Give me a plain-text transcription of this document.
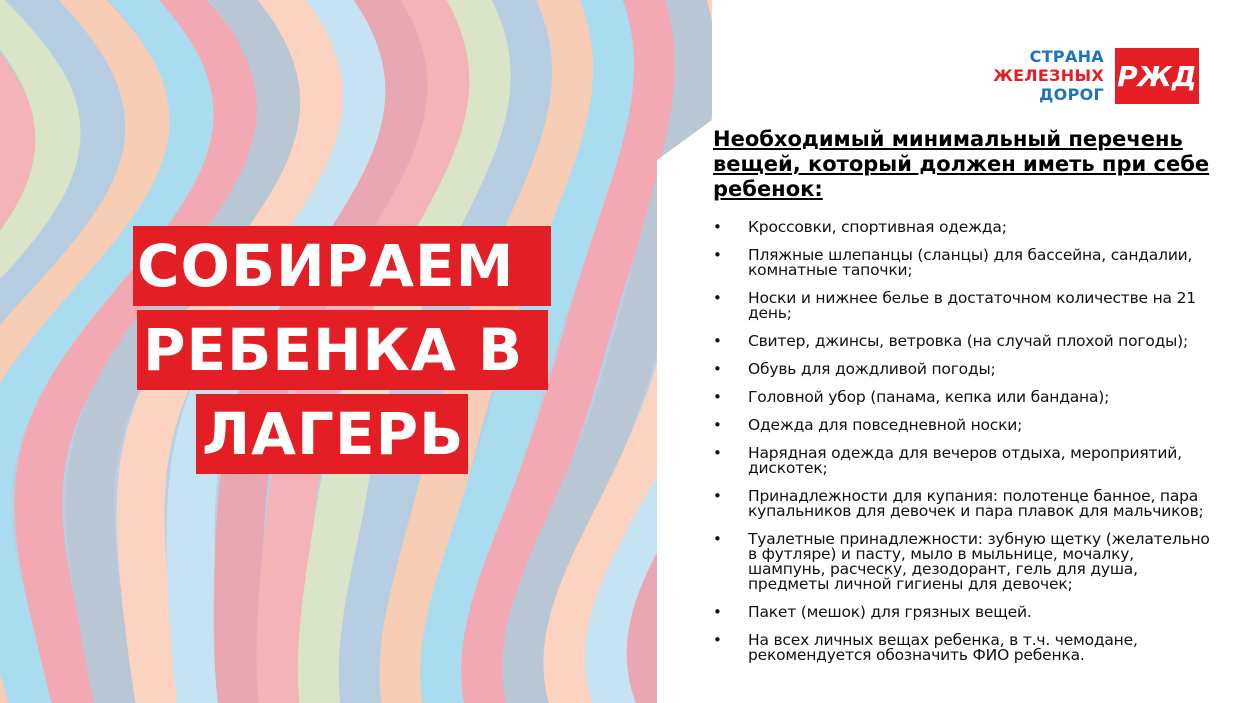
СОБИРАЕМ
РЕБЕНКА В
ЛАГЕРЬ
СТРАНА
ЖЕЛЕЗНЫХ
ДОРОГ
РЖД
Необходимый минимальный перечень вещей, который должен иметь при себе ребенок:
• Кроссовки, спортивная одежда;
• Пляжные шлепанцы (сланцы) для бассейна, сандалии, комнатные тапочки;
• Носки и нижнее белье в достаточном количестве на 21 день;
• Свитер, джинсы, ветровка (на случай плохой погоды);
• Обувь для дождливой погоды;
• Головной убор (панама, кепка или бандана);
• Одежда для повседневной носки;
• Нарядная одежда для вечеров отдыха, мероприятий, дискотек;
• Принадлежности для купания: полотенце банное, пара купальников для девочек и пара плавок для мальчиков;
• Туалетные принадлежности: зубную щетку (желательно в футляре) и пасту, мыло в мыльнице, мочалку, шампунь, расческу, дезодорант, гель для душа, предметы личной гигиены для девочек;
• Пакет (мешок) для грязных вещей.
• На всех личных вещах ребенка, в т.ч. чемодане, рекомендуется обозначить ФИО ребенка.
